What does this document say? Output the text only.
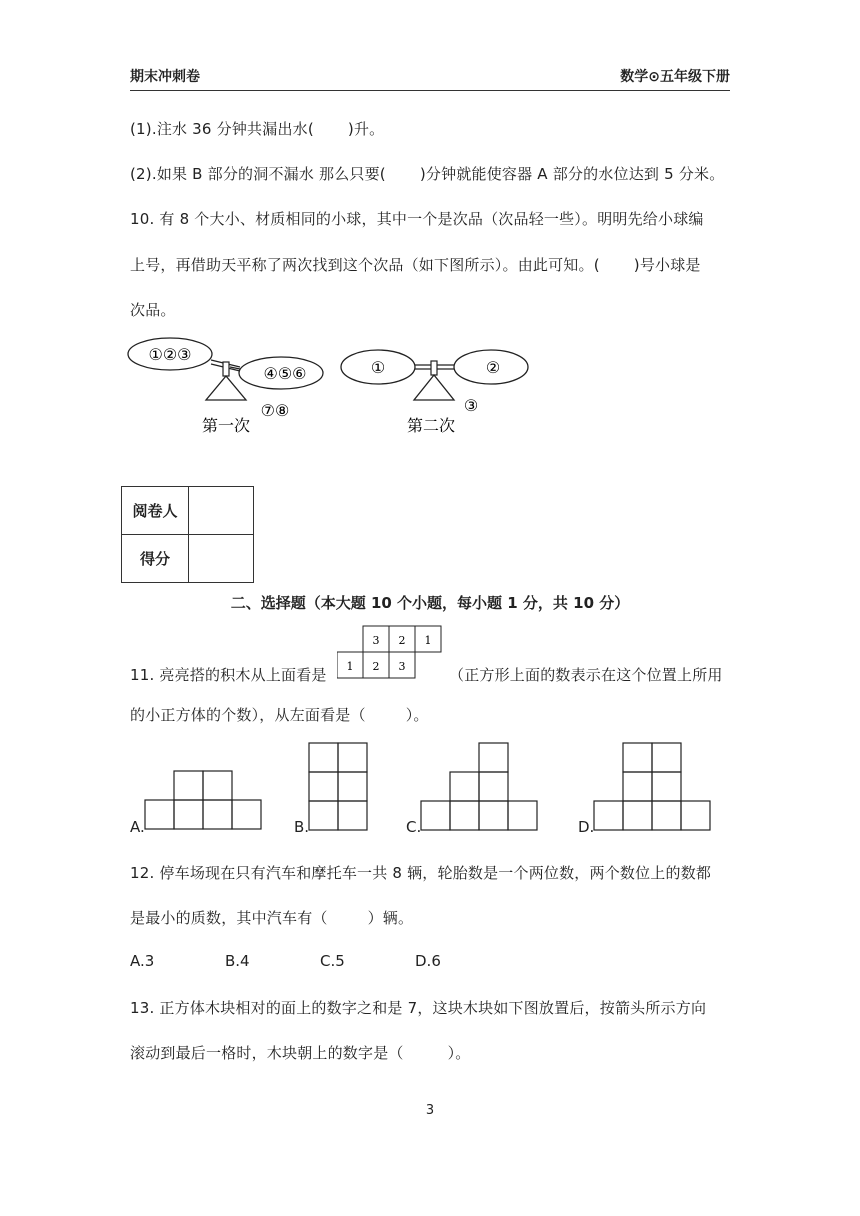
期末冲刺卷	数学⊙五年级下册
(1).注水 36 分钟共漏出水( )升。
(2).如果 B 部分的洞不漏水 那么只要( )分钟就能使容器 A 部分的水位达到 5 分米。
10. 有 8 个大小、材质相同的小球，其中一个是次品（次品轻一些）。明明先给小球编
上号，再借助天平称了两次找到这个次品（如下图所示）。由此可知。( )号小球是
次品。
①②③
④⑤⑥
⑦⑧
第一次
①	②
③
第二次
阅卷人	
得分	
二、选择题（本大题 10 个小题，每小题 1 分，共 10 分）
3 2 1
1 2 3
11. 亮亮搭的积木从上面看是	（正方形上面的数表示在这个位置上所用
的小正方体的个数），从左面看是（	）。
A.	B.	C.	D.
12. 停车场现在只有汽车和摩托车一共 8 辆，轮胎数是一个两位数，两个数位上的数都
是最小的质数，其中汽车有（	）辆。
A.3	B.4	C.5	D.6
13. 正方体木块相对的面上的数字之和是 7，这块木块如下图放置后，按箭头所示方向
滚动到最后一格时，木块朝上的数字是（	）。
3
